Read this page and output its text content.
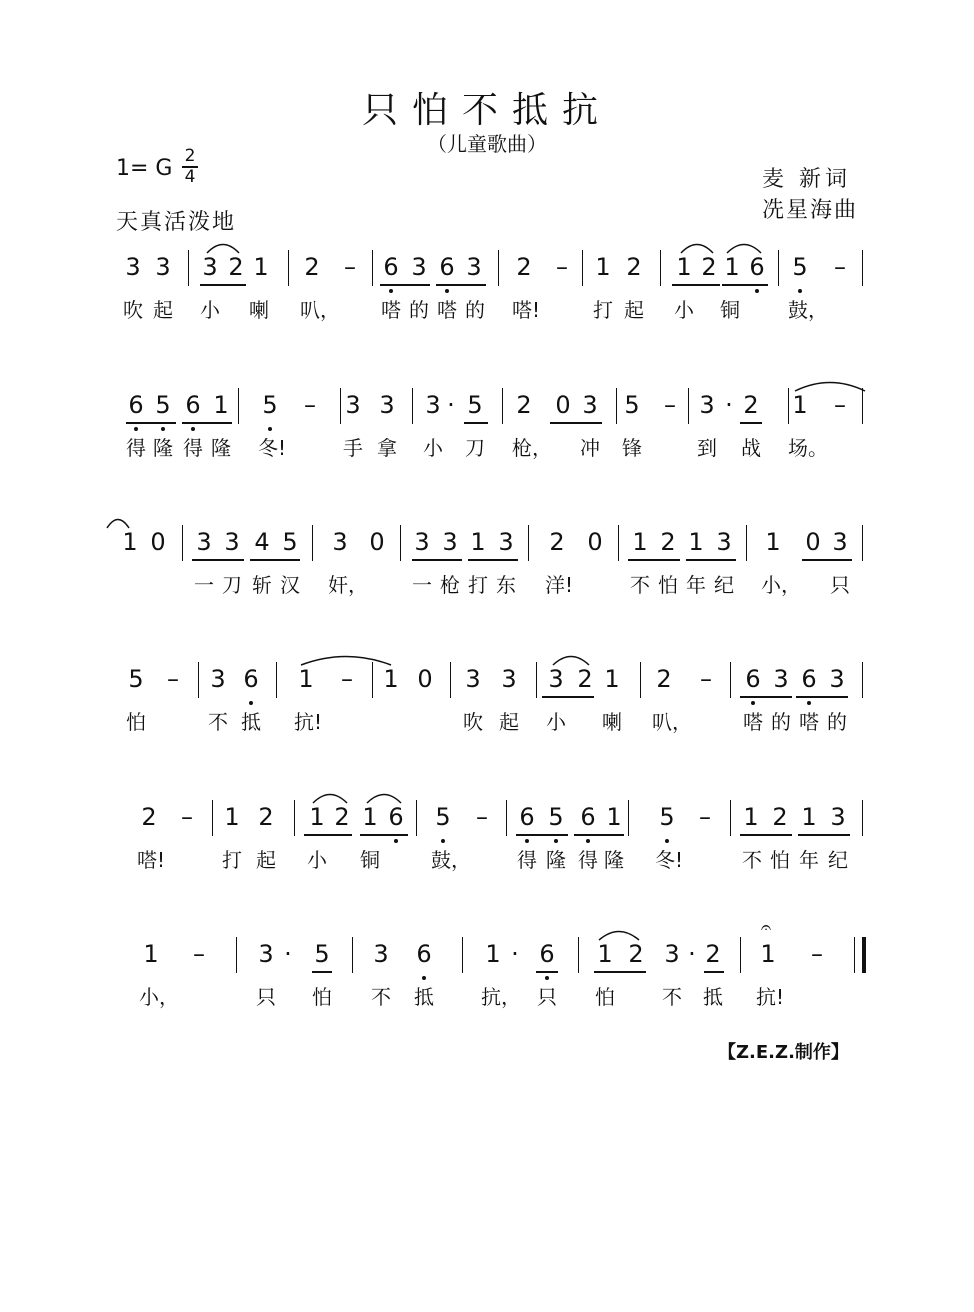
只怕不抵抗
（儿童歌曲）
1= G 2
4	麦 新词
冼星海曲
天真活泼地
3 3 3 2 1 2 – 6 3 6 3 2 – 1 2 1 2 1 6 5 –
吹 起 小 喇 叭， 嗒 的 嗒 的 嗒!	打 起 小 铜 鼓，
6 5 6 1 5 – 3 3 3 · 5 2 0 3 5 – 3 · 2 1 –
得 隆 得 隆 冬!	手 拿 小 刀 枪， 冲 锋	到 战 场。
1 0 3 3 4 5 3 0 3 3 1 3 2 0 1 2 1 3 1 0 3
一 刀 斩 汉 奸， 一 枪 打 东 洋!	不 怕 年 纪 小， 只
5 – 3 6 1 – 1 0 3 3 3 2 1 2 – 6 3 6 3
怕	不 抵 抗!	吹 起 小 喇 叭，	嗒 的 嗒 的
2 – 1 2 1 2 1 6 5 – 6 5 6 1 5 – 1 2 1 3
嗒!	打 起 小 铜	鼓， 得 隆 得 隆 冬!	不 怕 年 纪
1 – 3 · 5 3 6 1 · 6 1 2 3 · 2 1 –
𝄐
小，	只 怕 不 抵 抗， 只 怕 不 抵 抗!
【Z.E.Z.制作】
